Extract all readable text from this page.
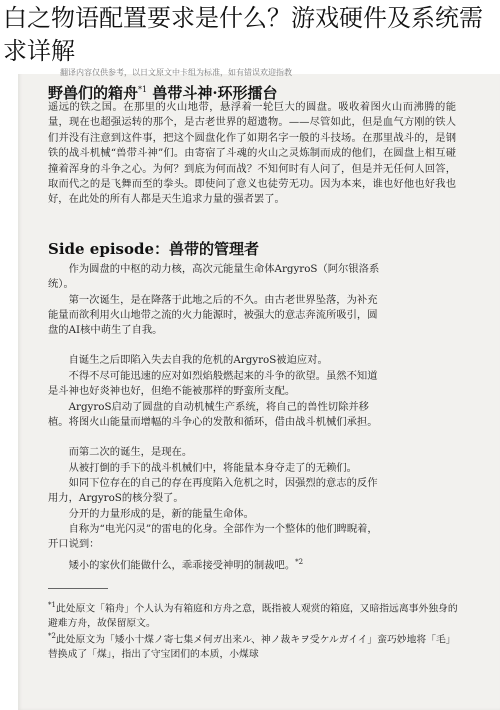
白之物语配置要求是什么？游戏硬件及系统需求详解
翻译内容仅供参考，以日文原文中卡组为标准，如有错误欢迎指教
野兽们的箱舟$^{*1}$ 兽带斗神·环形擂台

遥远的铁之国。在那里的火山地带，悬浮着一轮巨大的圆盘。吸收着图火山而沸腾的能量，现在也超强运转的那个，是古老世界的超遗物。——尽管如此，但是血气方刚的铁人们并没有注意到这件事，把这个圆盘化作了如期名字一般的斗技场。在那里战斗的，是钢铁的战斗机械“兽带斗神”们。由寄宿了斗魂的火山之灵炼制而成的他们，在圆盘上相互碰撞着浑身的斗争之心。为何？到底为何而战？不知何时有人问了，但是并无任何人回答，取而代之的是飞舞而至的拳头。即使问了意义也徒劳无功。因为本来，谁也好他也好我也好，在此处的所有人都是天生追求力量的强者罢了。

Side episode：兽带的管理者

　　作为圆盘的中枢的动力核，高次元能量生命体ArgyroS（阿尔银洛系

统）。

　　第一次诞生，是在降落于此地之后的不久。由古老世界坠落，为补充

能量而欲利用火山地带之流的火力能源时，被强大的意志奔流所吸引，圆

盘的AI核中萌生了自我。

　　自诞生之后即陷入失去自我的危机的ArgyroS被迫应对。

　　不得不尽可能迅速的应对如烈焰般燃起来的斗争的欲望。虽然不知道

是斗神也好炎神也好，但绝不能被那样的野蛮所支配。

　　ArgyroS启动了圆盘的自动机械生产系统，将自己的兽性切除并移

植。将图火山能量而增幅的斗争心的发散和循环，借由战斗机械们承担。

　　而第二次的诞生，是现在。

　　从被打倒的手下的战斗机械们中，将能量本身夺走了的无赖们。

　　如同下位存在的自己的存在再度陷入危机之时，因强烈的意志的反作

用力，ArgyroS的核分裂了。

　　分开的力量形成的是，新的能量生命体。

　　自称为“电光闪灵”的雷电的化身。全部作为一个整体的他们睥睨着，

开口说到：

　　矮小的家伙们能做什么，乖乖接受神明的制裁吧。$^{*2}$

$^{*1}$此处原文「箱舟」个人认为有箱庭和方舟之意，既指被人观赏的箱庭，又暗指远离事外独身的避难方舟，故保留原文。

$^{*2}$此处原文为「矮小十煤ノ寄七集メ何ガ出来ル、神ノ裁キヲ受ケルガイイ」蛮巧妙地将「毛」替换成了「煤」，指出了守宝团们的本质，小煤球
